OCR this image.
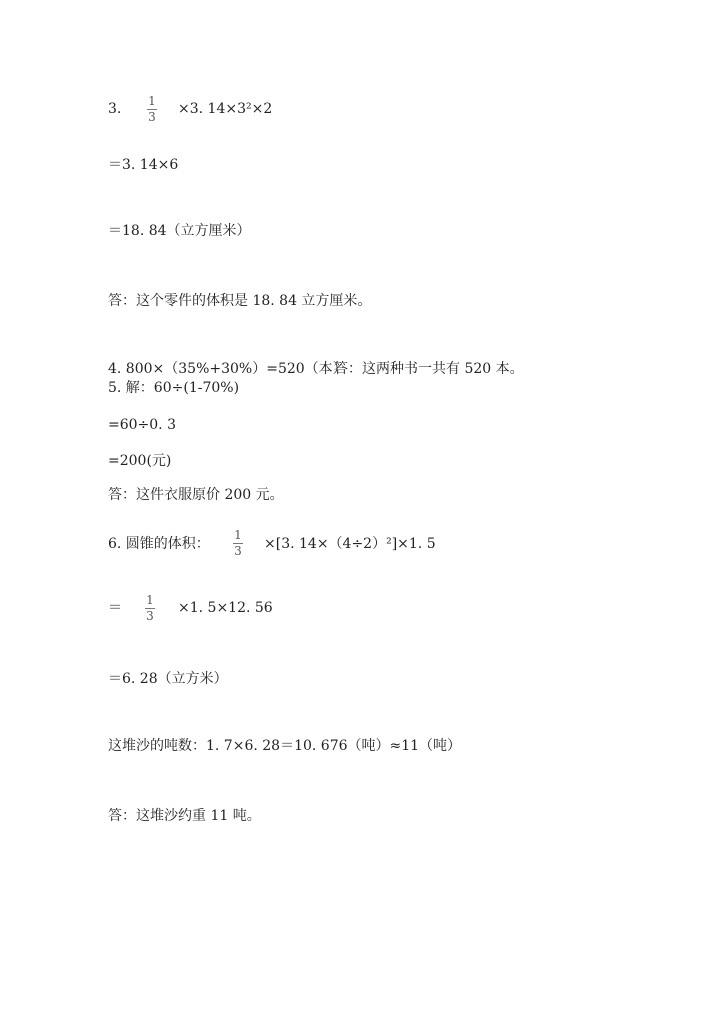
3.

1
3

×3. 14×3²×2

＝3. 14×6
＝18. 84（立方厘米）
答：这个零件的体积是 18. 84 立方厘米。

4. 800×（35%+30%）=520（本）

答：这两种书一共有 520 本。

5. 解：60÷(1-70%)
=60÷0. 3
=200(元)
答：这件衣服原价 200 元。

6. 圆锥的体积：

1
3

×[3. 14×（4÷2）²]×1. 5

＝

1
3

×1. 5×12. 56

＝6. 28（立方米）
这堆沙的吨数：1. 7×6. 28＝10. 676（吨）≈11（吨）
答：这堆沙约重 11 吨。
